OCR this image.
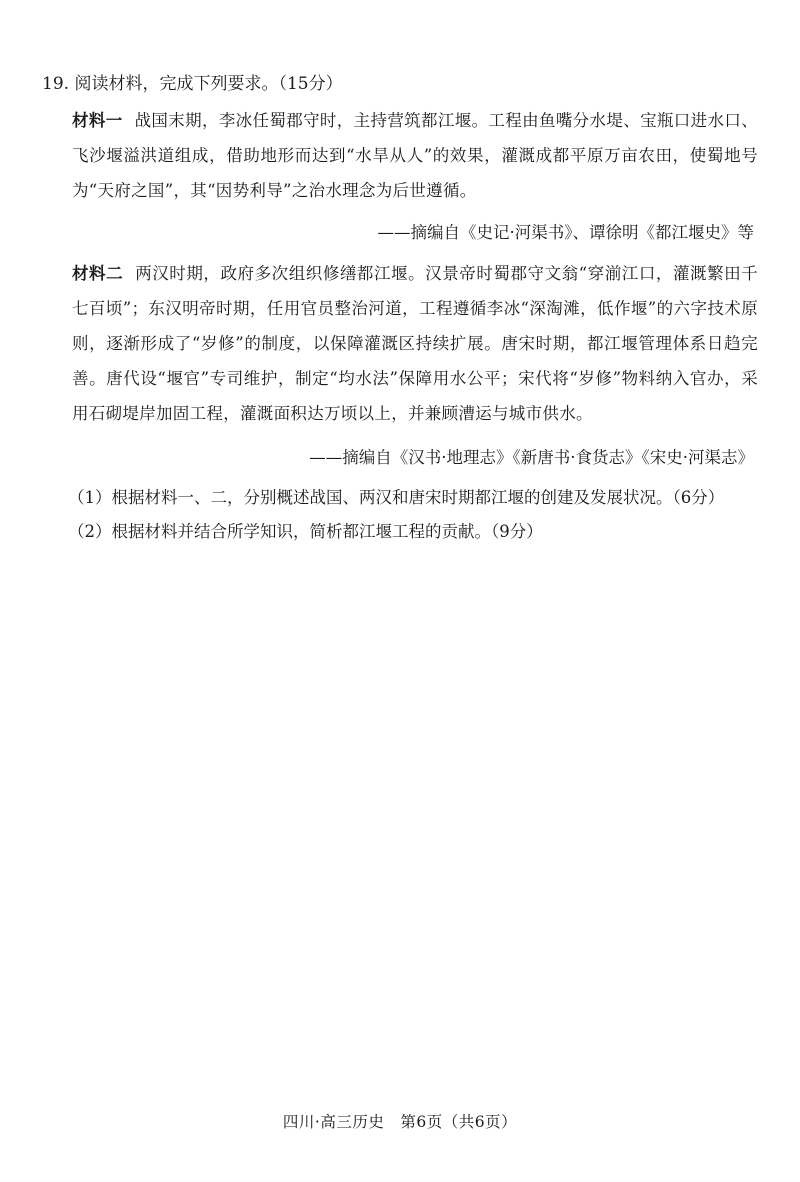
19. 阅读材料，完成下列要求。（15分）
材料一 战国末期，李冰任蜀郡守时，主持营筑都江堰。工程由鱼嘴分水堤、宝瓶口进水口、飞沙堰溢洪道组成，借助地形而达到“水旱从人”的效果，灌溉成都平原万亩农田，使蜀地号为“天府之国”，其“因势利导”之治水理念为后世遵循。
——摘编自《史记·河渠书》、谭徐明《都江堰史》等
材料二 两汉时期，政府多次组织修缮都江堰。汉景帝时蜀郡守文翁“穿湔江口，灌溉繁田千七百顷”；东汉明帝时期，任用官员整治河道，工程遵循李冰“深淘滩，低作堰”的六字技术原则，逐渐形成了“岁修”的制度，以保障灌溉区持续扩展。唐宋时期，都江堰管理体系日趋完善。唐代设“堰官”专司维护，制定“均水法”保障用水公平；宋代将“岁修”物料纳入官办，采用石砌堤岸加固工程，灌溉面积达万顷以上，并兼顾漕运与城市供水。
——摘编自《汉书·地理志》《新唐书·食货志》《宋史·河渠志》
（1）根据材料一、二，分别概述战国、两汉和唐宋时期都江堰的创建及发展状况。（6分）
（2）根据材料并结合所学知识，简析都江堰工程的贡献。（9分）
四川·高三历史　第6页（共6页）
